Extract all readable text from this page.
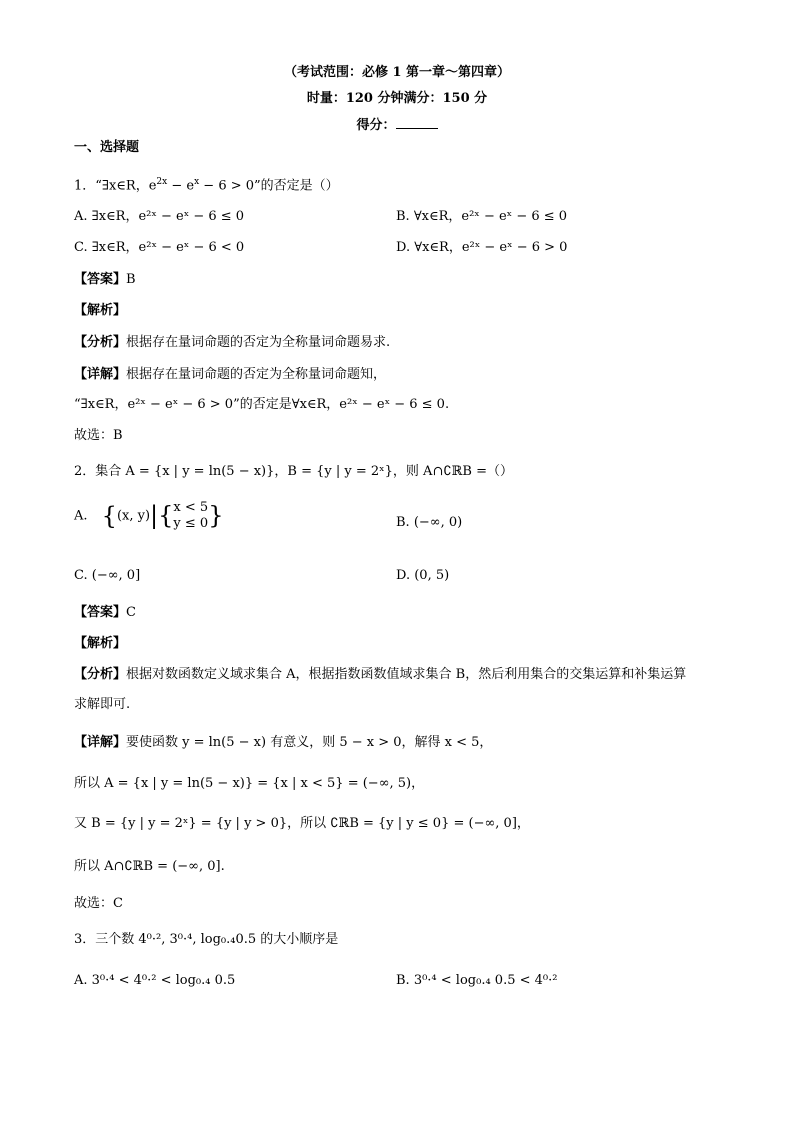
（考试范围：必修 1 第一章～第四章）
时量：120 分钟满分：150 分
得分：
一、选择题
1．“∃x∈R，$e^{2x} - e^x - 6 > 0$”的否定是（）
A. ∃x∈R，e²ˣ − eˣ − 6 ≤ 0	B. ∀x∈R，e²ˣ − eˣ − 6 ≤ 0
C. ∃x∈R，e²ˣ − eˣ − 6 < 0	D. ∀x∈R，e²ˣ − eˣ − 6 > 0
【答案】B
【解析】
【分析】根据存在量词命题的否定为全称量词命题易求.
【详解】根据存在量词命题的否定为全称量词命题知，
“∃x∈R，e²ˣ − eˣ − 6 > 0”的否定是∀x∈R，e²ˣ − eˣ − 6 ≤ 0.
故选：B
2．集合 A = {x | y = ln(5 − x)}，B = {y | y = 2ˣ}，则 A∩∁ℝB =（）
A. {(x, y)|{ x < 5
y ≤ 0 }	B. (−∞, 0)
C. (−∞, 0]	D. (0, 5)
【答案】C
【解析】
【分析】根据对数函数定义域求集合 A，根据指数函数值域求集合 B，然后利用集合的交集运算和补集运算
求解即可.
【详解】要使函数 y = ln(5 − x) 有意义，则 5 − x > 0，解得 x < 5，
所以 A = {x | y = ln(5 − x)} = {x | x < 5} = (−∞, 5)，
又 B = {y | y = 2ˣ} = {y | y > 0}，所以 ∁ℝB = {y | y ≤ 0} = (−∞, 0]，
所以 A∩∁ℝB = (−∞, 0].
故选：C
3．三个数 4⁰·², 3⁰·⁴, log₀.₄0.5 的大小顺序是
A. 3⁰·⁴ < 4⁰·² < log₀.₄ 0.5	B. 3⁰·⁴ < log₀.₄ 0.5 < 4⁰·²
